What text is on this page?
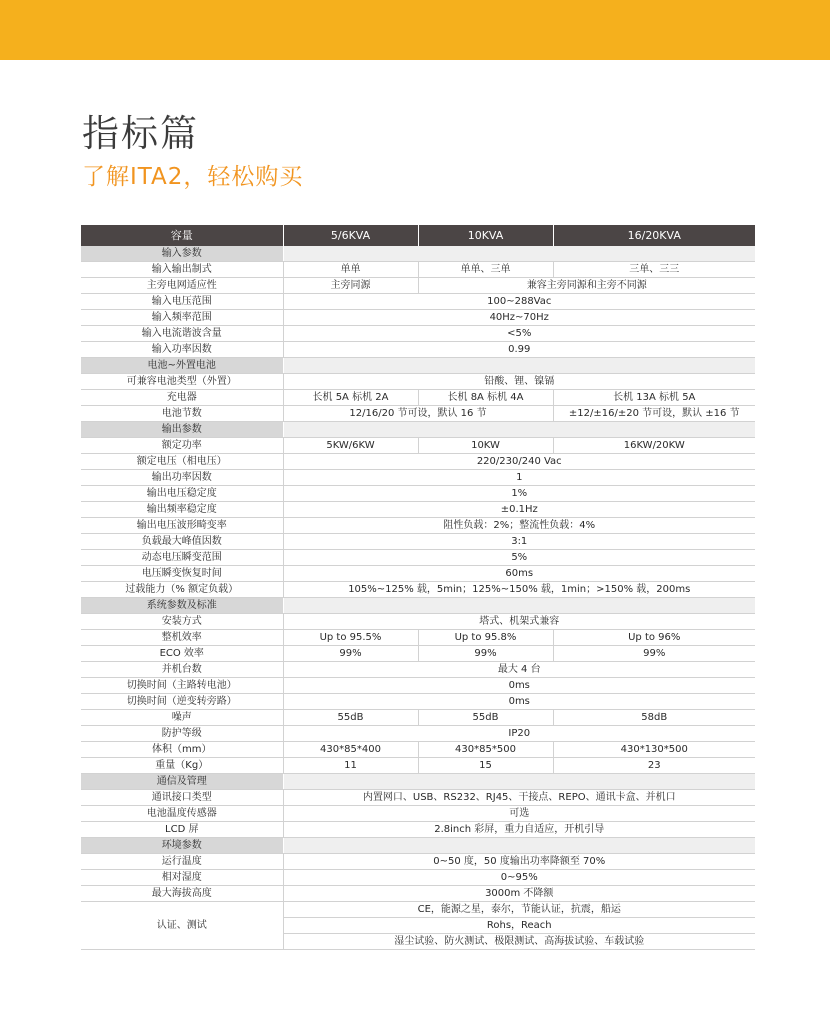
指标篇
了解ITA2，轻松购买
容量	5/6KVA	10KVA	16/20KVA
输入参数			
输入输出制式	单单	单单、三单	三单、三三
主旁电网适应性	主旁同源	兼容主旁同源和主旁不同源	
输入电压范围	100~288Vac		
输入频率范围	40Hz~70Hz		
输入电流谐波含量	<5%		
输入功率因数	0.99		
电池~外置电池			
可兼容电池类型（外置）	铅酸、锂、镍镉		
充电器	长机 5A 标机 2A	长机 8A 标机 4A	长机 13A 标机 5A
电池节数	12/16/20 节可设，默认 16 节		±12/±16/±20 节可设，默认 ±16 节
输出参数			
额定功率	5KW/6KW	10KW	16KW/20KW
额定电压（相电压）	220/230/240 Vac		
输出功率因数	1		
输出电压稳定度	1%		
输出频率稳定度	±0.1Hz		
输出电压波形畸变率	阻性负载：2%；整流性负载：4%		
负载最大峰值因数	3:1		
动态电压瞬变范围	5%		
电压瞬变恢复时间	60ms		
过载能力（% 额定负载）	105%~125% 载，5min；125%~150% 载，1min；>150% 载，200ms		
系统参数及标准			
安装方式	塔式、机架式兼容		
整机效率	Up to 95.5%	Up to 95.8%	Up to 96%
ECO 效率	99%	99%	99%
并机台数	最大 4 台		
切换时间（主路转电池）	0ms		
切换时间（逆变转旁路）	0ms		
噪声	55dB	55dB	58dB
防护等级	IP20		
体积（mm）	430*85*400	430*85*500	430*130*500
重量（Kg）	11	15	23
通信及管理			
通讯接口类型	内置网口、USB、RS232、RJ45、干接点、REPO、通讯卡盒、并机口		
电池温度传感器	可选		
LCD 屏	2.8inch 彩屏，重力自适应，开机引导		
环境参数			
运行温度	0~50 度，50 度输出功率降额至 70%		
相对湿度	0~95%		
最大海拔高度	3000m 不降额		
认证、测试	CE，能源之星，泰尔，节能认证，抗震，船运		
	Rohs，Reach		
	湿尘试验、防火测试、极限测试、高海拔试验、车载试验		
